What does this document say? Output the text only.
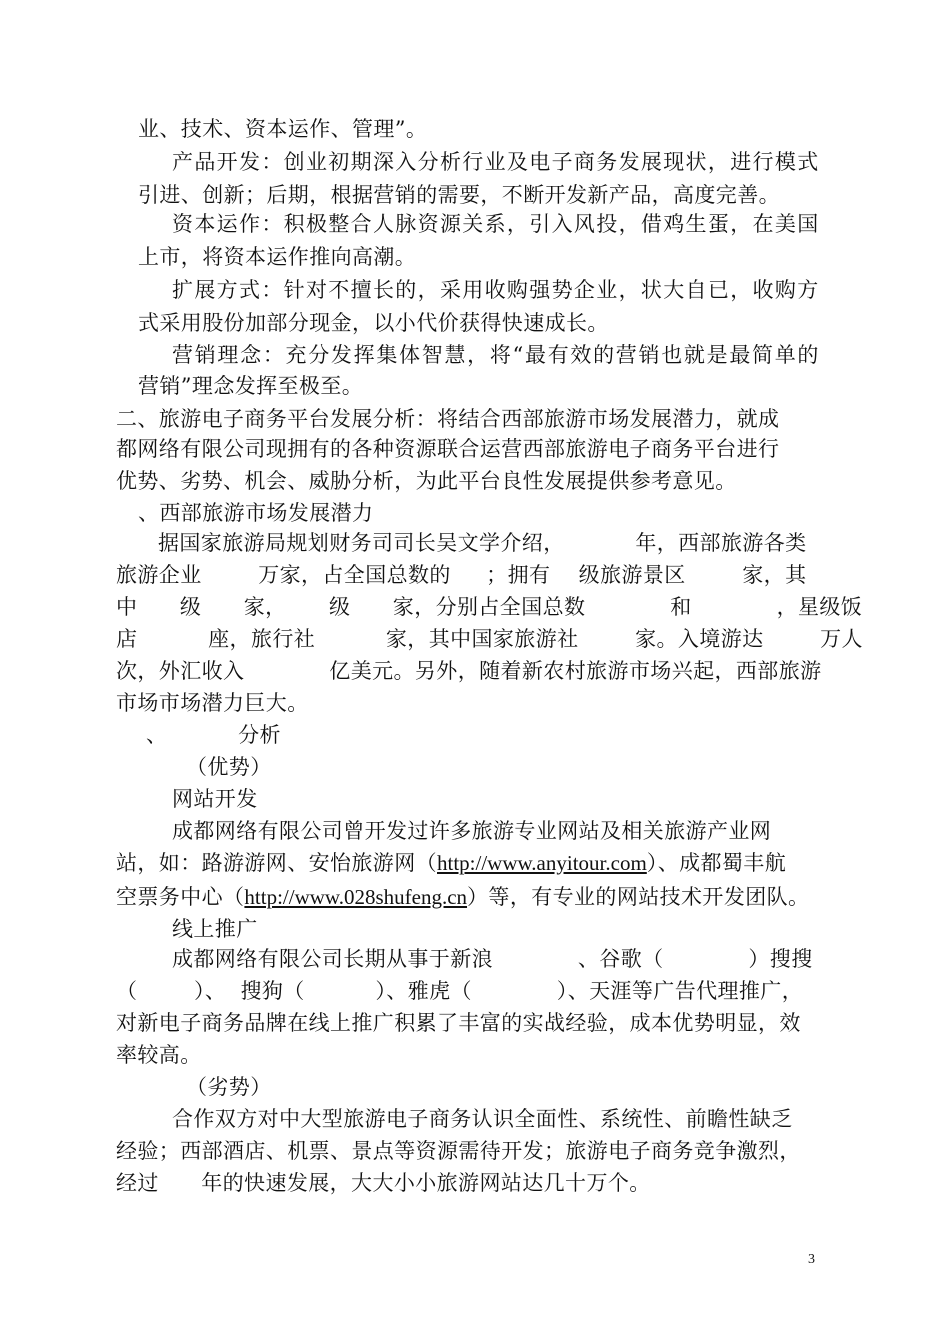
业、技术、资本运作、管理”。
产 品 开 发 ： 创 业 初 期 深 入 分 析 行 业 及 电 子 商 务 发 展 现 状 ， 进 行 模 式
引进、创新；后期，根据营销的需要，不断开发新产品，高度完善。
资 本 运 作 ： 积 极 整 合 人 脉 资 源 关 系 ， 引 入 风 投 ， 借 鸡 生 蛋 ， 在 美 国
上市，将资本运作推向高潮。
扩 展 方 式 ： 针 对 不 擅 长 的 ， 采 用 收 购 强 势 企 业 ， 状 大 自 已 ， 收 购 方
式采用股份加部分现金，以小代价获得快速成长。
营 销 理 念 ： 充 分 发 挥 集 体 智 慧 ， 将 “ 最 有 效 的 营 销 也 就 是 最 简 单 的
营销”理念发挥至极至。
二、旅游电子商务平台发展分析：将结合西部旅游市场发展潜力，就成
都网络有限公司现拥有的各种资源联合运营西部旅游电子商务平台进行
优势、劣势、机会、威胁分析，为此平台良性发展提供参考意见。
、西部旅游市场发展潜力
据国家旅游局规划财务司司长吴文学介绍，          年，西部旅游各类
旅游企业        万家，占全国总数的     ；拥有    级旅游景区        家，其
中      级      家，      级      家，分别占全国总数            和            ，星级饭
店          座，旅行社          家，其中国家旅游社        家。入境游达        万人
次，外汇收入            亿美元。另外，随着新农村旅游市场兴起，西部旅游
市场市场潜力巨大。
、          分析
（优势）
网站开发
成都网络有限公司曾开发过许多旅游专业网站及相关旅游产业网
站，如：路游游网、安怡旅游网（http://www.anyitour.com）、成都蜀丰航
空票务中心（http://www.028shufeng.cn）等，有专业的网站技术开发团队。
线上推广
成都网络有限公司长期从事于新浪            、谷歌（            ）搜搜
（        ）、  搜狗（          ）、雅虎（            ）、天涯等广告代理推广，
对新电子商务品牌在线上推广积累了丰富的实战经验，成本优势明显，效
率较高。
（劣势）
合作双方对中大型旅游电子商务认识全面性、系统性、前瞻性缺乏
经验；西部酒店、机票、景点等资源需待开发；旅游电子商务竞争激烈，
经过      年的快速发展，大大小小旅游网站达几十万个。
3
